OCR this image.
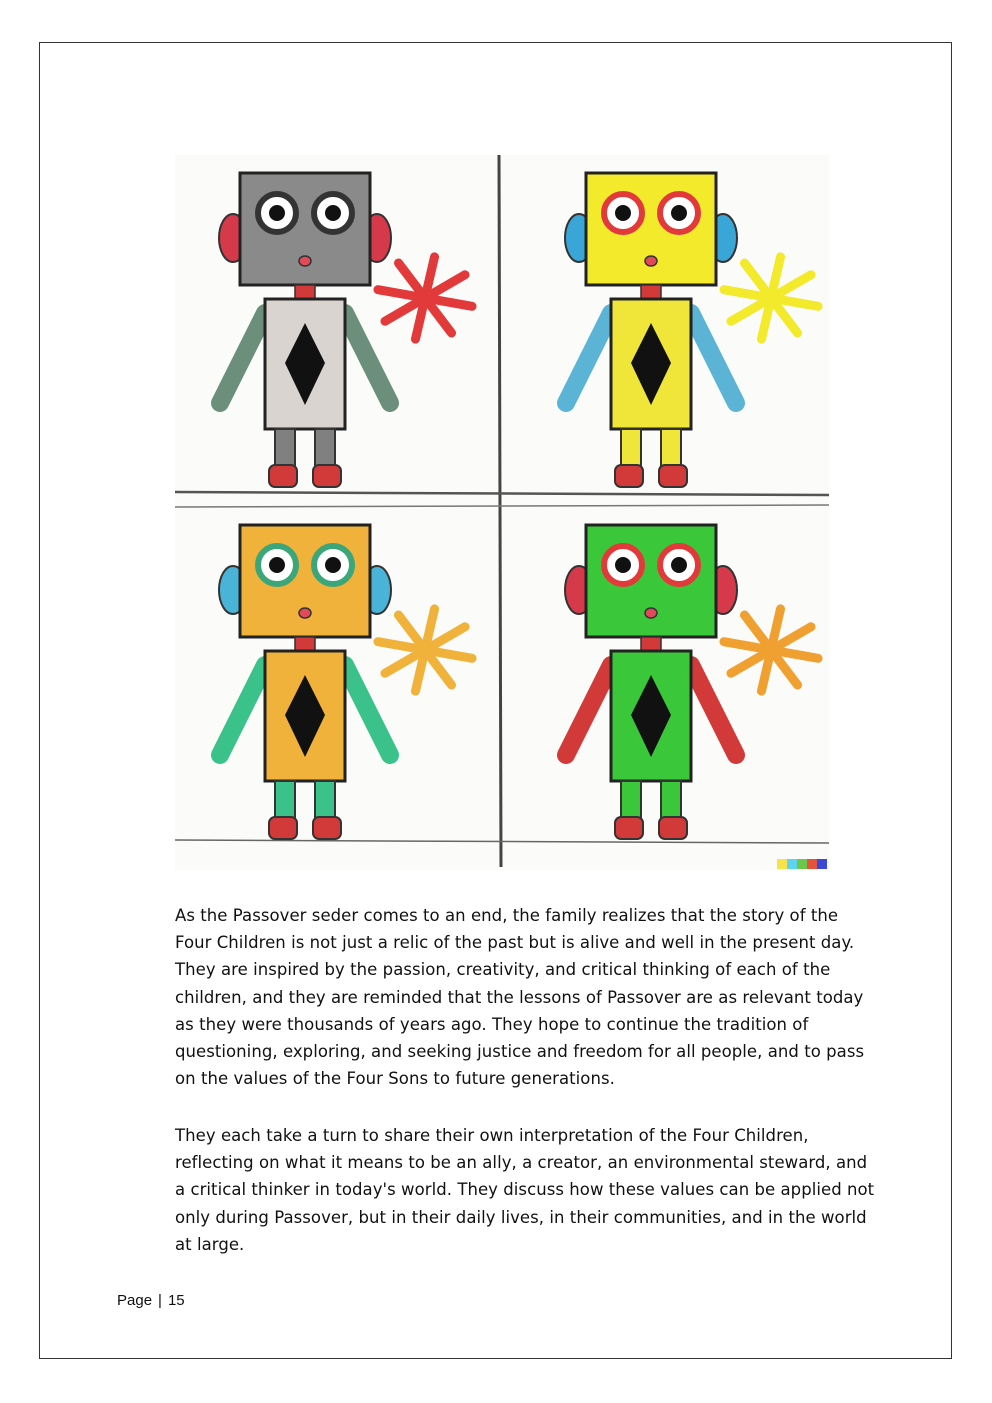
As the Passover seder comes to an end, the family realizes that the story of the Four Children is not just a relic of the past but is alive and well in the present day. They are inspired by the passion, creativity, and critical thinking of each of the children, and they are reminded that the lessons of Passover are as relevant today as they were thousands of years ago. They hope to continue the tradition of questioning, exploring, and seeking justice and freedom for all people, and to pass on the values of the Four Sons to future generations.

They each take a turn to share their own interpretation of the Four Children, reflecting on what it means to be an ally, a creator, an environmental steward, and a critical thinker in today's world. They discuss how these values can be applied not only during Passover, but in their daily lives, in their communities, and in the world at large.

Page | 15
